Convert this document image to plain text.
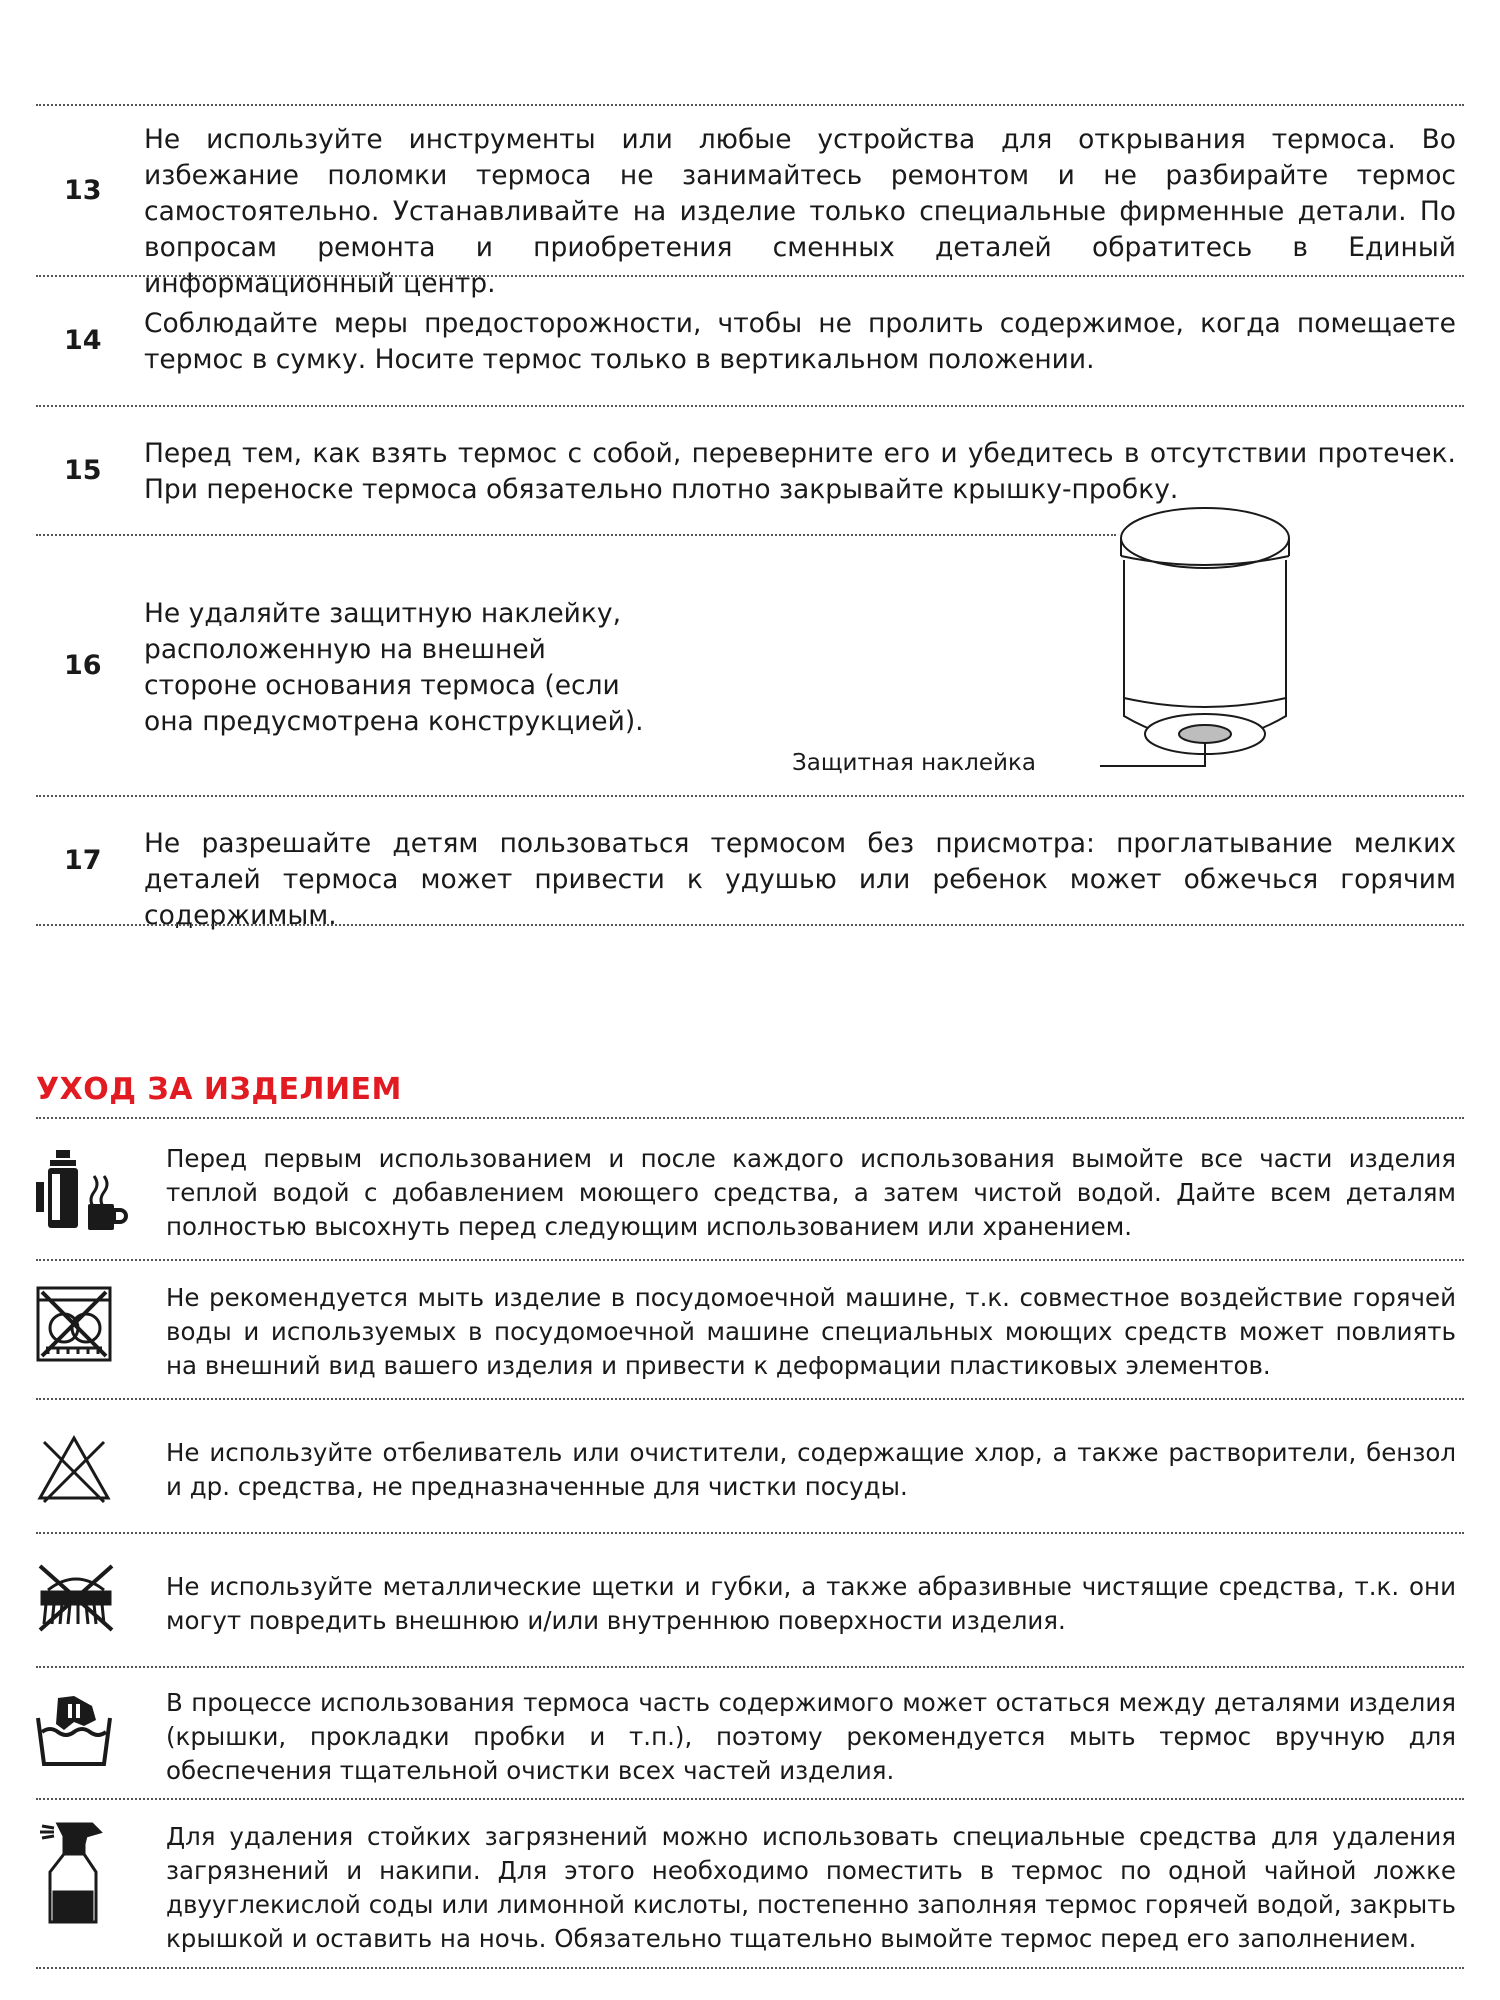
13
Не используйте инструменты или любые устройства для открывания термоса. Во избежание поломки термоса не занимайтесь ремонтом и не разбирайте термос самостоятельно. Устанавливайте на изделие только специальные фирменные детали. По вопросам ремонта и приобретения сменных деталей обратитесь в Единый информационный центр.
14
Соблюдайте меры предосторожности, чтобы не пролить содержимое, когда помещаете термос в сумку. Носите термос только в вертикальном положении.
15
Перед тем, как взять термос с собой, переверните его и убедитесь в отсутствии протечек. При переноске термоса обязательно плотно закрывайте крышку-пробку.
16
Не удаляйте защитную наклейку, расположенную на внешней стороне основания термоса (если она предусмотрена конструкцией).
Защитная наклейка
17
Не разрешайте детям пользоваться термосом без присмотра: проглатывание мелких деталей термоса может привести к удушью или ребенок может обжечься горячим содержимым.
УХОД ЗА ИЗДЕЛИЕМ
Перед первым использованием и после каждого использования вымойте все части изделия теплой водой с добавлением моющего средства, а затем чистой водой. Дайте всем деталям полностью высохнуть перед следующим использованием или хранением.
Не рекомендуется мыть изделие в посудомоечной машине, т.к. совместное воздействие горячей воды и используемых в посудомоечной машине специальных моющих средств может повлиять на внешний вид вашего изделия и привести к деформации пластиковых элементов.
Не используйте отбеливатель или очистители, содержащие хлор, а также растворители, бензол и др. средства, не предназначенные для чистки посуды.
Не используйте металлические щетки и губки, а также абразивные чистящие средства, т.к. они могут повредить внешнюю и/или внутреннюю поверхности изделия.
В процессе использования термоса часть содержимого может остаться между деталями изделия (крышки, прокладки пробки и т.п.), поэтому рекомендуется мыть термос вручную для обеспечения тщательной очистки всех частей изделия.
Для удаления стойких загрязнений можно использовать специальные средства для удаления загрязнений и накипи. Для этого необходимо поместить в термос по одной чайной ложке двууглекислой соды или лимонной кислоты, постепенно заполняя термос горячей водой, закрыть крышкой и оставить на ночь. Обязательно тщательно вымойте термос перед его заполнением.
